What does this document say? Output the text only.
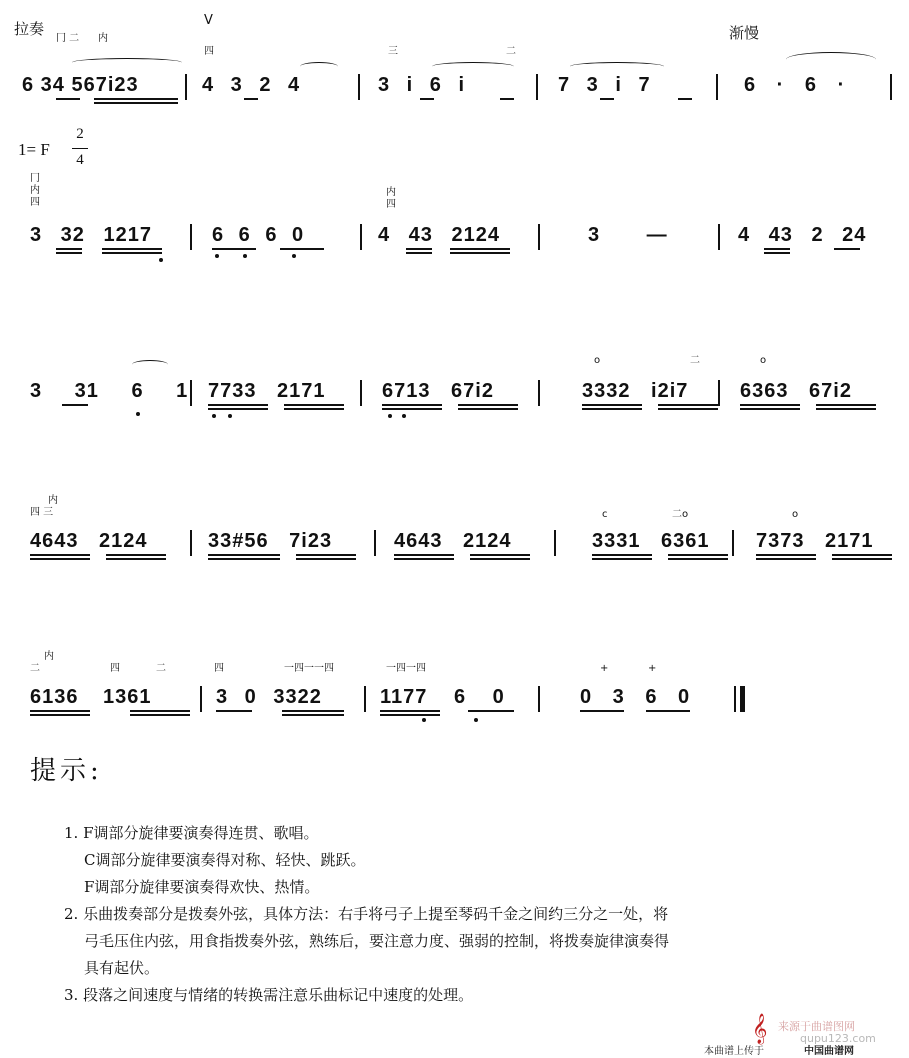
拉奏	渐慢
V
冂 二 内
四	三	二
6 34 567i23	4 3 2 4	3 i 6 i	7 3 i 7	6 · 6 ·
1= F
2
4
冂
内
四
内
四
3 32 1217	6 6 6 0	4 43 2124	3 —	4 43 2 24
o	二	o
3 31 6 1 7733 2171	6713 67i2	3332 i2i7	6363 67i2
内
四 三	c	二o	o
4643 2124	33#56 7i23	4643 2124	3331 6361 7373 2171
内
二	四	二	四	一四一一四	一四一四	+	+
6136 1361	3 0 3322	1177 6 0	0 3 6 0
提示:
1. F调部分旋律要演奏得连贯、歌唱。
C调部分旋律要演奏得对称、轻快、跳跃。
F调部分旋律要演奏得欢快、热情。
2. 乐曲拨奏部分是拨奏外弦，具体方法：右手将弓子上提至琴码千金之间约三分之一处，将
弓毛压住内弦，用食指拨奏外弦，熟练后，要注意力度、强弱的控制，将拨奏旋律演奏得
具有起伏。
3. 段落之间速度与情绪的转换需注意乐曲标记中速度的处理。
来源于曲谱图网
𝄞
本曲谱上传于	中国曲谱网
qupu123.com
